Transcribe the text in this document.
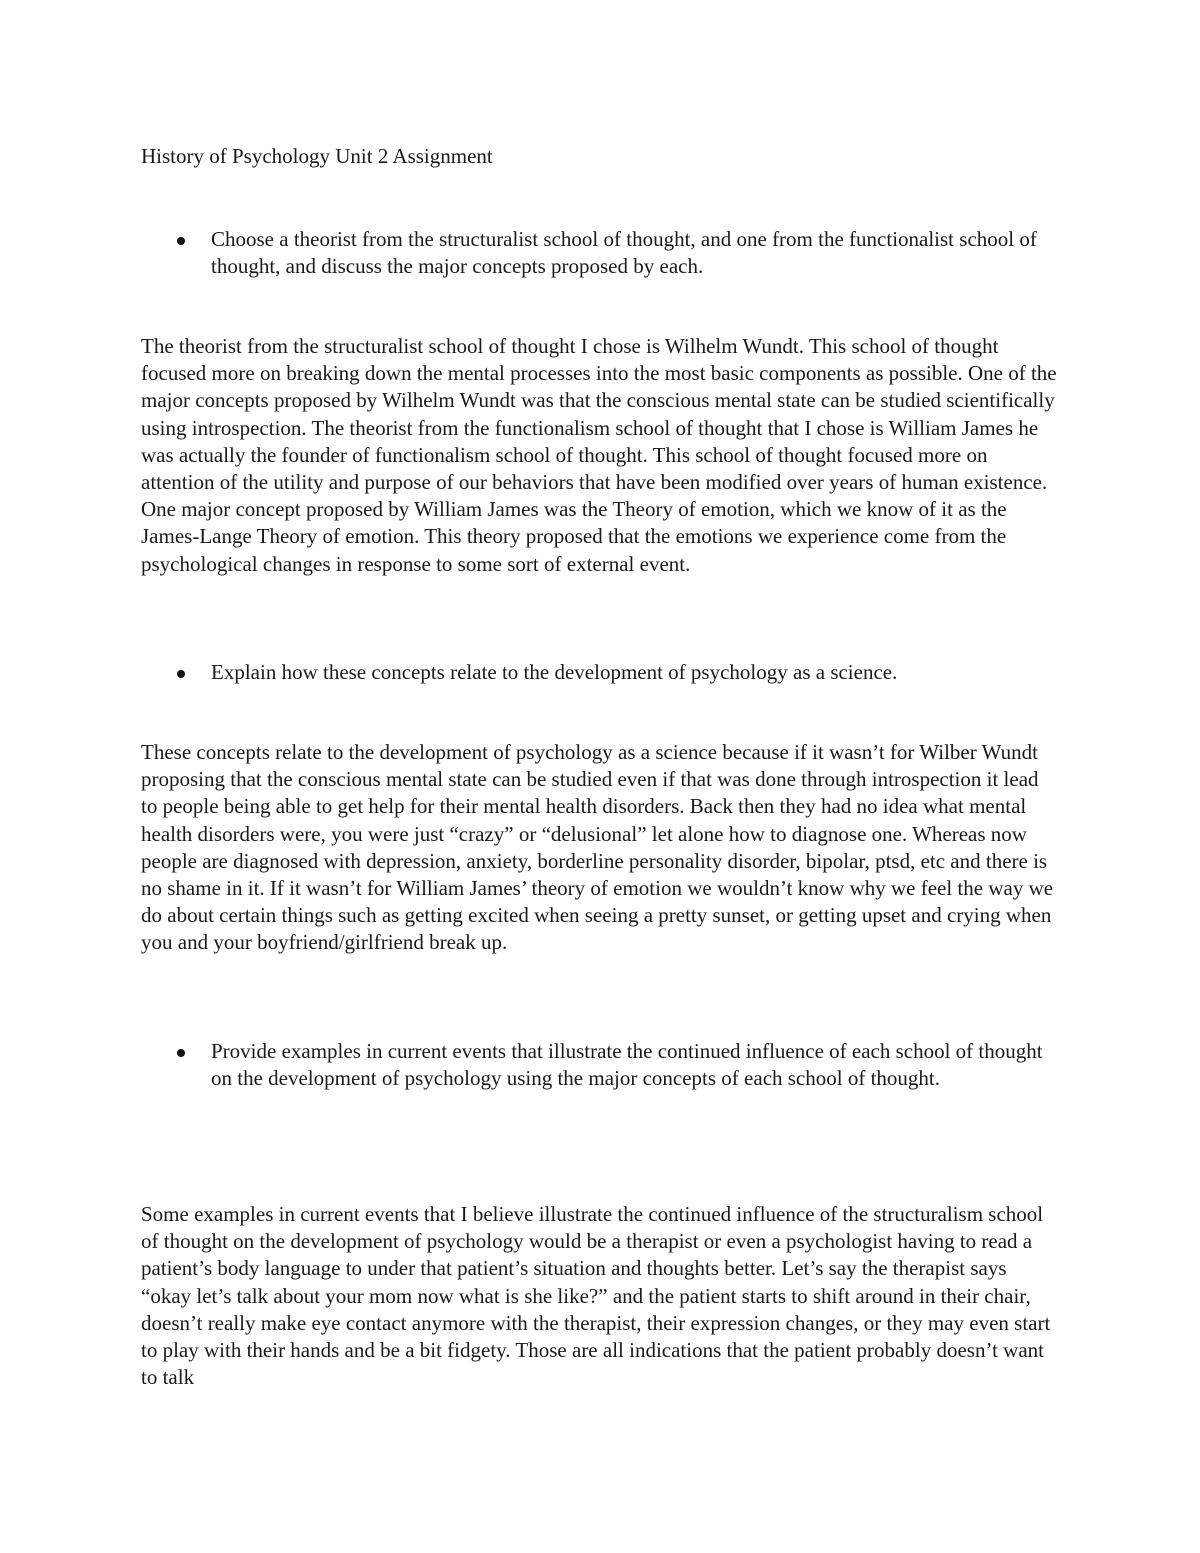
History of Psychology Unit 2 Assignment
Choose a theorist from the structuralist school of thought, and one from the functionalist school of thought, and discuss the major concepts proposed by each.

The theorist from the structuralist school of thought I chose is Wilhelm Wundt. This school of thought focused more on breaking down the mental processes into the most basic components as possible. One of the major concepts proposed by Wilhelm Wundt was that the conscious mental state can be studied scientifically using introspection. The theorist from the functionalism school of thought that I chose is William James he was actually the founder of functionalism school of thought. This school of thought focused more on attention of the utility and purpose of our behaviors that have been modified over years of human existence. One major concept proposed by William James was the Theory of emotion, which we know of it as the James-Lange Theory of emotion. This theory proposed that the emotions we experience come from the psychological changes in response to some sort of external event.

Explain how these concepts relate to the development of psychology as a science.

These concepts relate to the development of psychology as a science because if it wasn’t for Wilber Wundt proposing that the conscious mental state can be studied even if that was done through introspection it lead to people being able to get help for their mental health disorders. Back then they had no idea what mental health disorders were, you were just “crazy” or “delusional” let alone how to diagnose one. Whereas now people are diagnosed with depression, anxiety, borderline personality disorder, bipolar, ptsd, etc and there is no shame in it. If it wasn’t for William James’ theory of emotion we wouldn’t know why we feel the way we do about certain things such as getting excited when seeing a pretty sunset, or getting upset and crying when you and your boyfriend/girlfriend break up.

Provide examples in current events that illustrate the continued influence of each school of thought on the development of psychology using the major concepts of each school of thought.

Some examples in current events that I believe illustrate the continued influence of the structuralism school of thought on the development of psychology would be a therapist or even a psychologist having to read a patient’s body language to under that patient’s situation and thoughts better. Let’s say the therapist says “okay let’s talk about your mom now what is she like?” and the patient starts to shift around in their chair, doesn’t really make eye contact anymore with the therapist, their expression changes, or they may even start to play with their hands and be a bit fidgety. Those are all indications that the patient probably doesn’t want to talk
